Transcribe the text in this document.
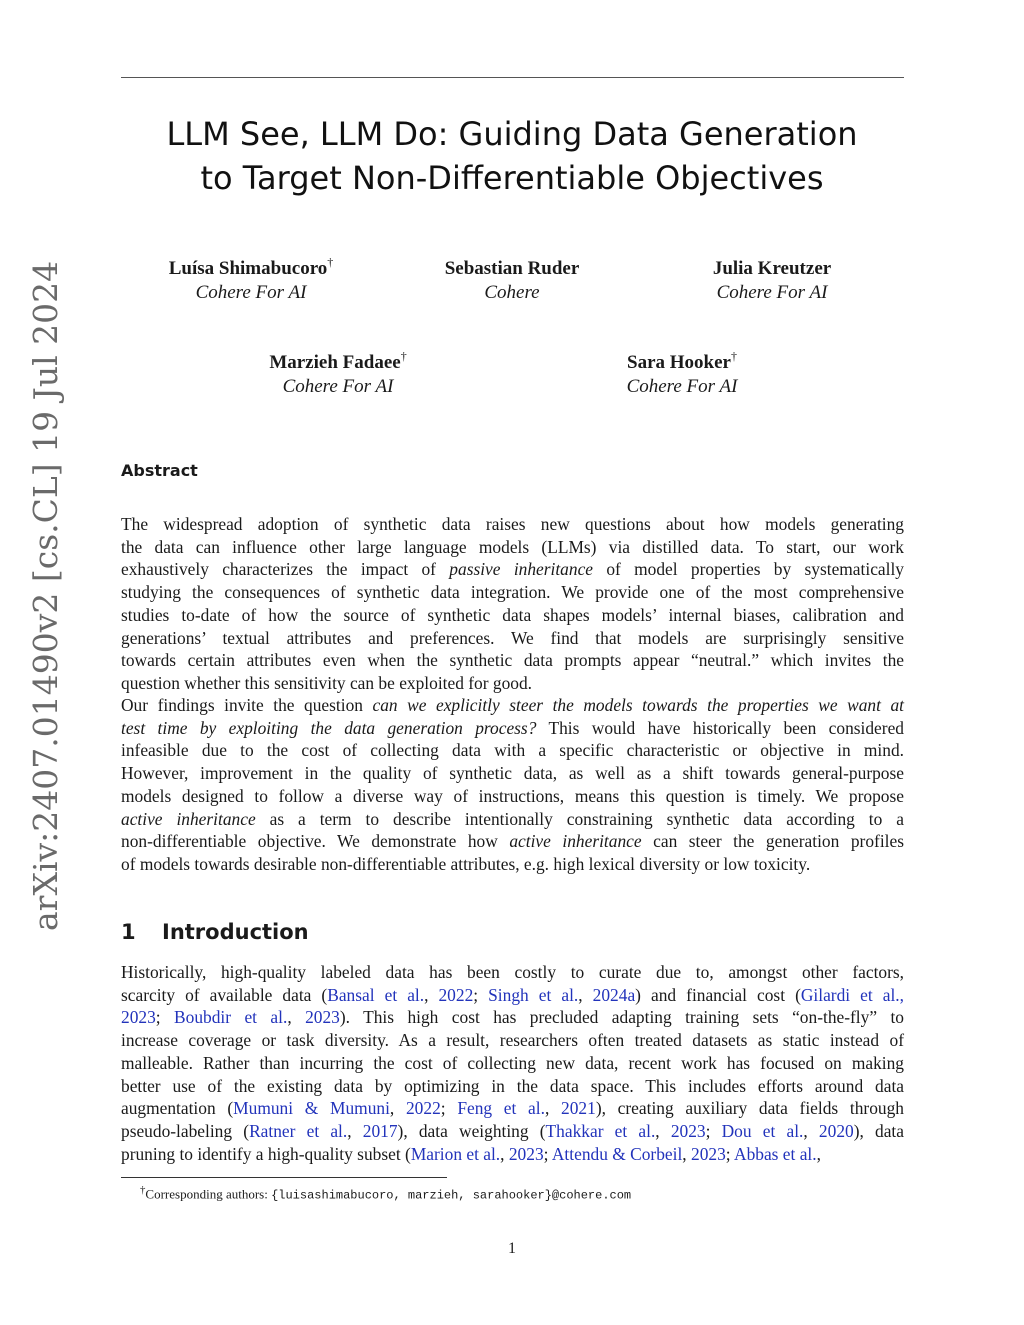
arXiv:2407.01490v2 [cs.CL] 19 Jul 2024
LLM See, LLM Do: Guiding Data Generation
to Target Non-Differentiable Objectives
Luísa Shimabucoro†
Cohere For AI
Sebastian Ruder
Cohere
Julia Kreutzer
Cohere For AI
Marzieh Fadaee†
Cohere For AI
Sara Hooker†
Cohere For AI
Abstract
The widespread adoption of synthetic data raises new questions about how models generating
the data can influence other large language models (LLMs) via distilled data. To start, our work
exhaustively characterizes the impact of passive inheritance of model properties by systematically
studying the consequences of synthetic data integration. We provide one of the most comprehensive
studies to-date of how the source of synthetic data shapes models’ internal biases, calibration and
generations’ textual attributes and preferences. We find that models are surprisingly sensitive
towards certain attributes even when the synthetic data prompts appear “neutral.” which invites the
question whether this sensitivity can be exploited for good.
Our findings invite the question can we explicitly steer the models towards the properties we want at
test time by exploiting the data generation process? This would have historically been considered
infeasible due to the cost of collecting data with a specific characteristic or objective in mind.
However, improvement in the quality of synthetic data, as well as a shift towards general-purpose
models designed to follow a diverse way of instructions, means this question is timely. We propose
active inheritance as a term to describe intentionally constraining synthetic data according to a
non-differentiable objective. We demonstrate how active inheritance can steer the generation profiles
of models towards desirable non-differentiable attributes, e.g. high lexical diversity or low toxicity.
1 Introduction
Historically, high-quality labeled data has been costly to curate due to, amongst other factors,
scarcity of available data (Bansal et al., 2022; Singh et al., 2024a) and financial cost (Gilardi et al.,
2023; Boubdir et al., 2023). This high cost has precluded adapting training sets “on-the-fly” to
increase coverage or task diversity. As a result, researchers often treated datasets as static instead of
malleable. Rather than incurring the cost of collecting new data, recent work has focused on making
better use of the existing data by optimizing in the data space. This includes efforts around data
augmentation (Mumuni & Mumuni, 2022; Feng et al., 2021), creating auxiliary data fields through
pseudo-labeling (Ratner et al., 2017), data weighting (Thakkar et al., 2023; Dou et al., 2020), data
pruning to identify a high-quality subset (Marion et al., 2023; Attendu & Corbeil, 2023; Abbas et al.,
†Corresponding authors: {luisashimabucoro, marzieh, sarahooker}@cohere.com
1
